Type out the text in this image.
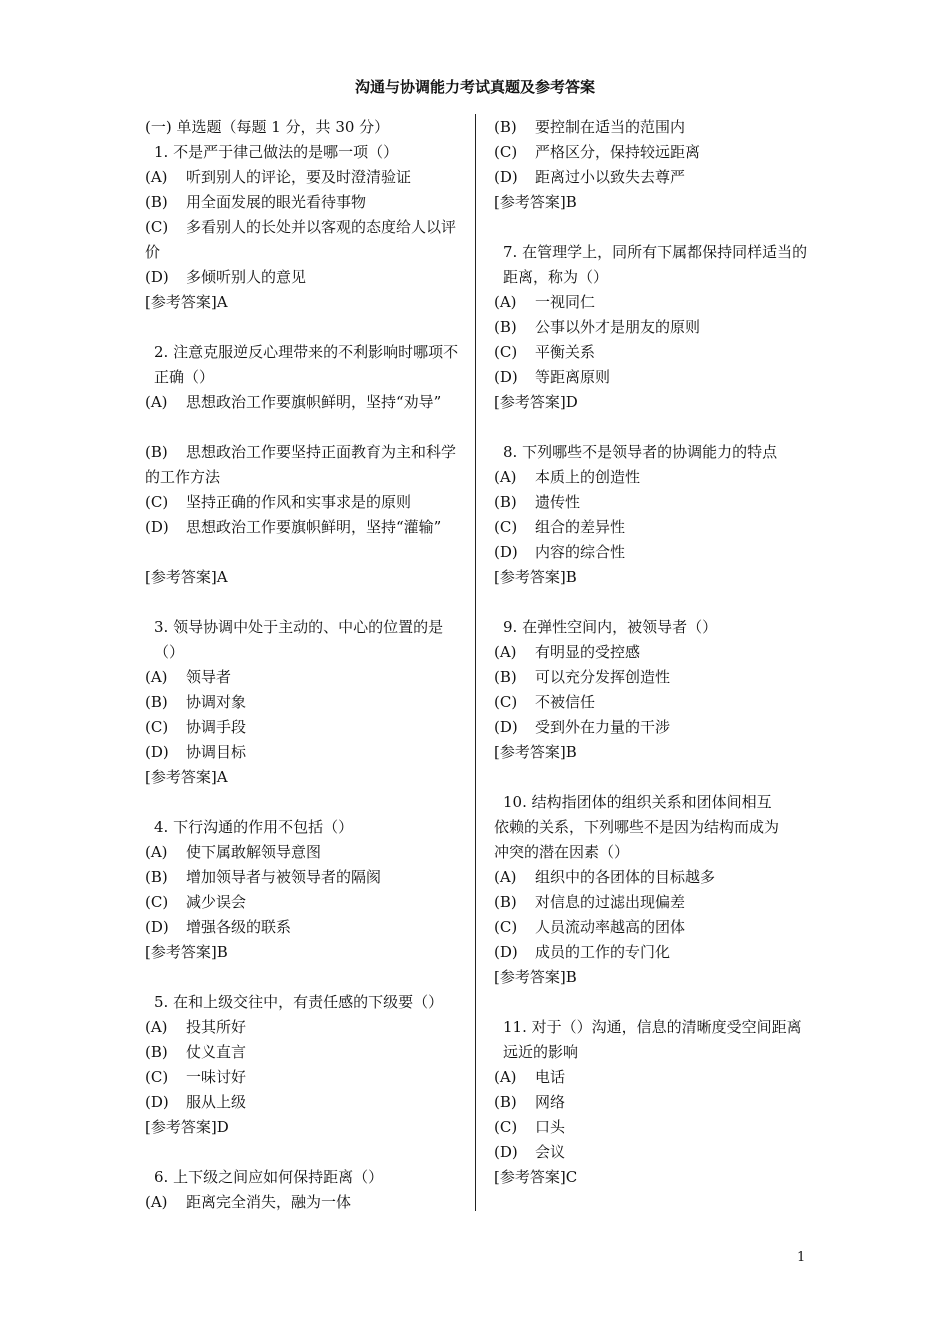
沟通与协调能力考试真题及参考答案
(一) 单选题（每题 1 分，共 30 分）
1. 不是严于律己做法的是哪一项（）
(A) 听到别人的评论，要及时澄清验证
(B) 用全面发展的眼光看待事物
(C) 多看别人的长处并以客观的态度给人以评价
(D) 多倾听别人的意见
[参考答案]A
2. 注意克服逆反心理带来的不利影响时哪项不正确（）
(A) 思想政治工作要旗帜鲜明，坚持“劝导”
(B) 思想政治工作要坚持正面教育为主和科学的工作方法
(C) 坚持正确的作风和实事求是的原则
(D) 思想政治工作要旗帜鲜明，坚持“灌输”
[参考答案]A
3. 领导协调中处于主动的、中心的位置的是（）
(A) 领导者
(B) 协调对象
(C) 协调手段
(D) 协调目标
[参考答案]A
4. 下行沟通的作用不包括（）
(A) 使下属敢解领导意图
(B) 增加领导者与被领导者的隔阂
(C) 减少误会
(D) 增强各级的联系
[参考答案]B
5. 在和上级交往中，有责任感的下级要（）
(A) 投其所好
(B) 仗义直言
(C) 一味讨好
(D) 服从上级
[参考答案]D
6. 上下级之间应如何保持距离（）
(A) 距离完全消失，融为一体
(B) 要控制在适当的范围内
(C) 严格区分，保持较远距离
(D) 距离过小以致失去尊严
[参考答案]B
7. 在管理学上，同所有下属都保持同样适当的距离，称为（）
(A) 一视同仁
(B) 公事以外才是朋友的原则
(C) 平衡关系
(D) 等距离原则
[参考答案]D
8. 下列哪些不是领导者的协调能力的特点
(A) 本质上的创造性
(B) 遗传性
(C) 组合的差异性
(D) 内容的综合性
[参考答案]B
9. 在弹性空间内，被领导者（）
(A) 有明显的受控感
(B) 可以充分发挥创造性
(C) 不被信任
(D) 受到外在力量的干涉
[参考答案]B
10. 结构指团体的组织关系和团体间相互
依赖的关系，下列哪些不是因为结构而成为
冲突的潜在因素（）
(A) 组织中的各团体的目标越多
(B) 对信息的过滤出现偏差
(C) 人员流动率越高的团体
(D) 成员的工作的专门化
[参考答案]B
11. 对于（）沟通，信息的清晰度受空间距离远近的影响
(A) 电话
(B) 网络
(C) 口头
(D) 会议
[参考答案]C
1
